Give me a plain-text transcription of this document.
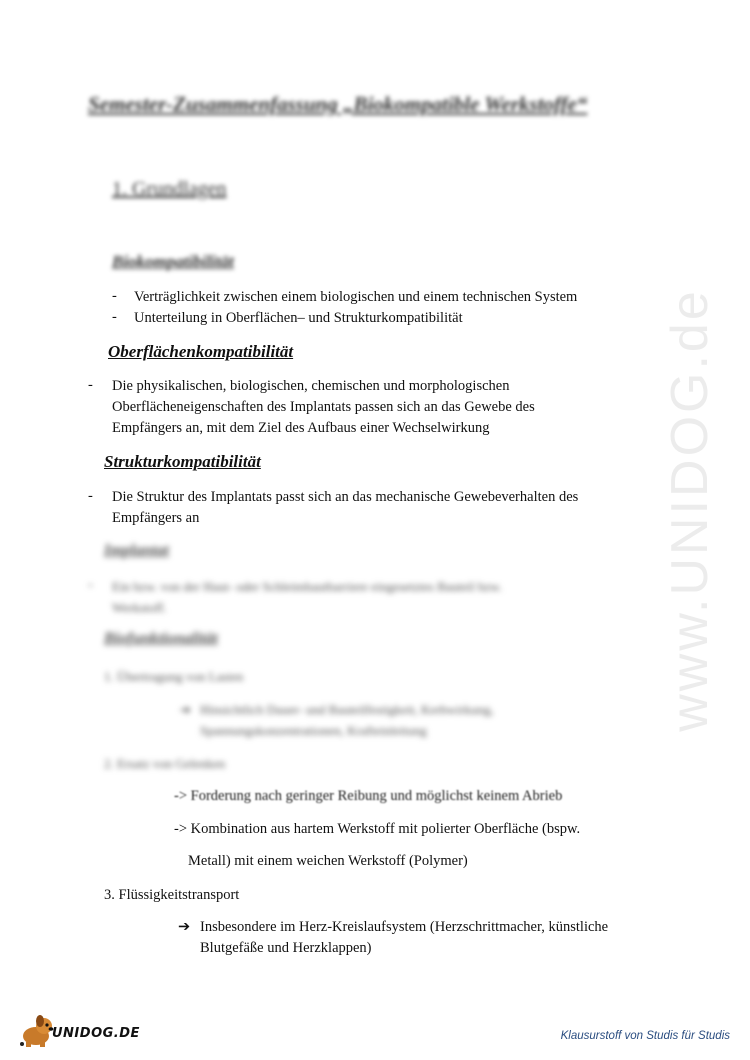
www.UNIDOG.de
Semester-Zusammenfassung „Biokompatible Werkstoffe“
1. Grundlagen
Biokompatibilität
- Verträglichkeit zwischen einem biologischen und einem technischen System
- Unterteilung in Oberflächen– und Strukturkompatibilität
Oberflächenkompatibilität
- Die physikalischen, biologischen, chemischen und morphologischen
Oberflächeneigenschaften des Implantats passen sich an das Gewebe des
Empfängers an, mit dem Ziel des Aufbaus einer Wechselwirkung
Strukturkompatibilität
- Die Struktur des Implantats passt sich an das mechanische Gewebeverhalten des
Empfängers an
Implantat
- Ein bzw. von der Haut- oder Schleimhautbarriere eingesetztes Bauteil bzw.
Werkstoff.
Biofunktionalität
1. Übertragung von Lasten
➔ Hinsichtlich Dauer- und Bauteilfestigkeit, Kerbwirkung,
Spannungskonzentrationen, Krafteinleitung
2. Ersatz von Gelenken
-> Forderung nach geringer Reibung und möglichst keinem Abrieb
-> Kombination aus hartem Werkstoff mit polierter Oberfläche (bspw.
Metall) mit einem weichen Werkstoff (Polymer)
3. Flüssigkeitstransport
➔ Insbesondere im Herz-Kreislaufsystem (Herzschrittmacher, künstliche
Blutgefäße und Herzklappen)
UNIDOG.DE	Klausurstoff von Studis für Studis
